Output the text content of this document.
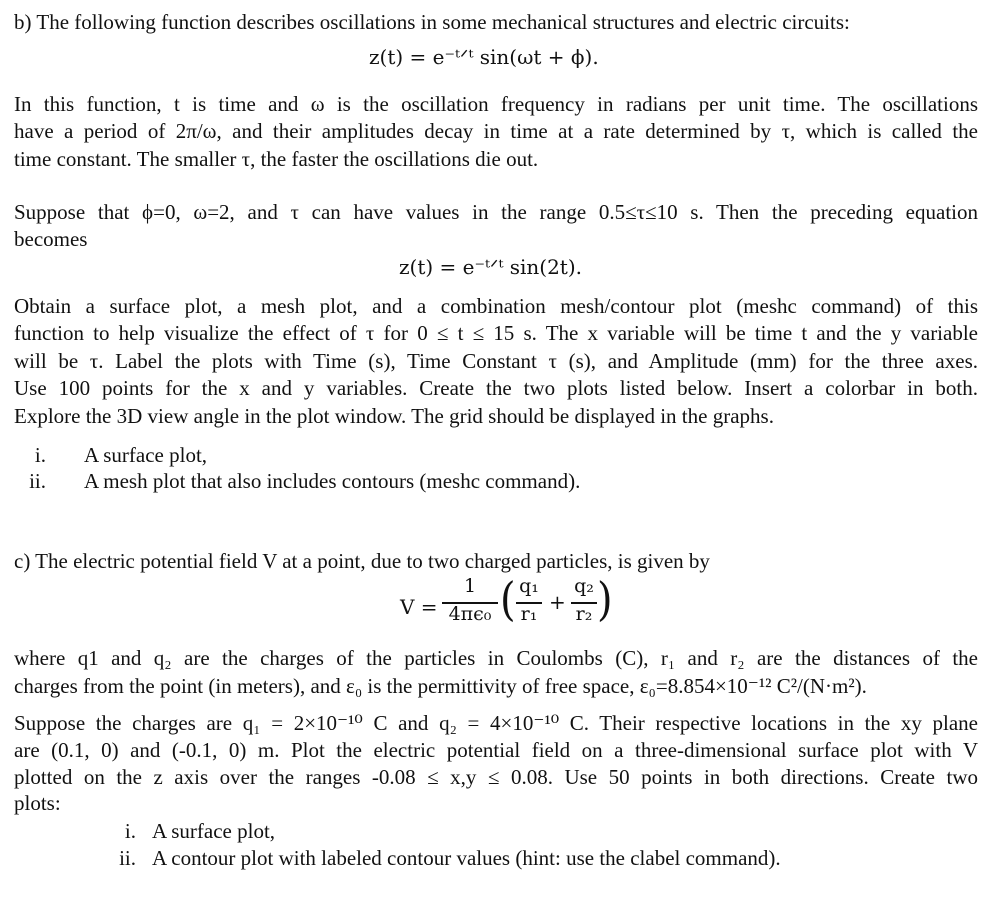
b) The following function describes oscillations in some mechanical structures and electric circuits:
z(t) = e⁻ᵗᐟᵗ sin(ωt + ϕ).
In this function, t is time and ω is the oscillation frequency in radians per unit time. The oscillations
have a period of 2π/ω, and their amplitudes decay in time at a rate determined by τ, which is called the
time constant. The smaller τ, the faster the oscillations die out.
Suppose that ϕ=0, ω=2, and τ can have values in the range 0.5≤τ≤10 s. Then the preceding equation
becomes
z(t) = e⁻ᵗᐟᵗ sin(2t).
Obtain a surface plot, a mesh plot, and a combination mesh/contour plot (meshc command) of this
function to help visualize the effect of τ for 0 ≤ t ≤ 15 s. The x variable will be time t and the y variable
will be τ. Label the plots with Time (s), Time Constant τ (s), and Amplitude (mm) for the three axes.
Use 100 points for the x and y variables. Create the two plots listed below. Insert a colorbar in both.
Explore the 3D view angle in the plot window. The grid should be displayed in the graphs.
i. A surface plot,
ii. A mesh plot that also includes contours (meshc command).
c) The electric potential field V at a point, due to two charged particles, is given by
V =
1
4πϵ₀ ( q₁
r₁ +
q₂
r₂ )
where q1 and q₂ are the charges of the particles in Coulombs (C), r₁ and r₂ are the distances of the
charges from the point (in meters), and ε₀ is the permittivity of free space, ε₀=8.854×10⁻¹² C²/(N·m²).
Suppose the charges are q₁ = 2×10⁻¹⁰ C and q₂ = 4×10⁻¹⁰ C. Their respective locations in the xy plane
are (0.1, 0) and (-0.1, 0) m. Plot the electric potential field on a three-dimensional surface plot with V
plotted on the z axis over the ranges -0.08 ≤ x,y ≤ 0.08. Use 50 points in both directions. Create two
plots:
i. A surface plot,
ii. A contour plot with labeled contour values (hint: use the clabel command).
